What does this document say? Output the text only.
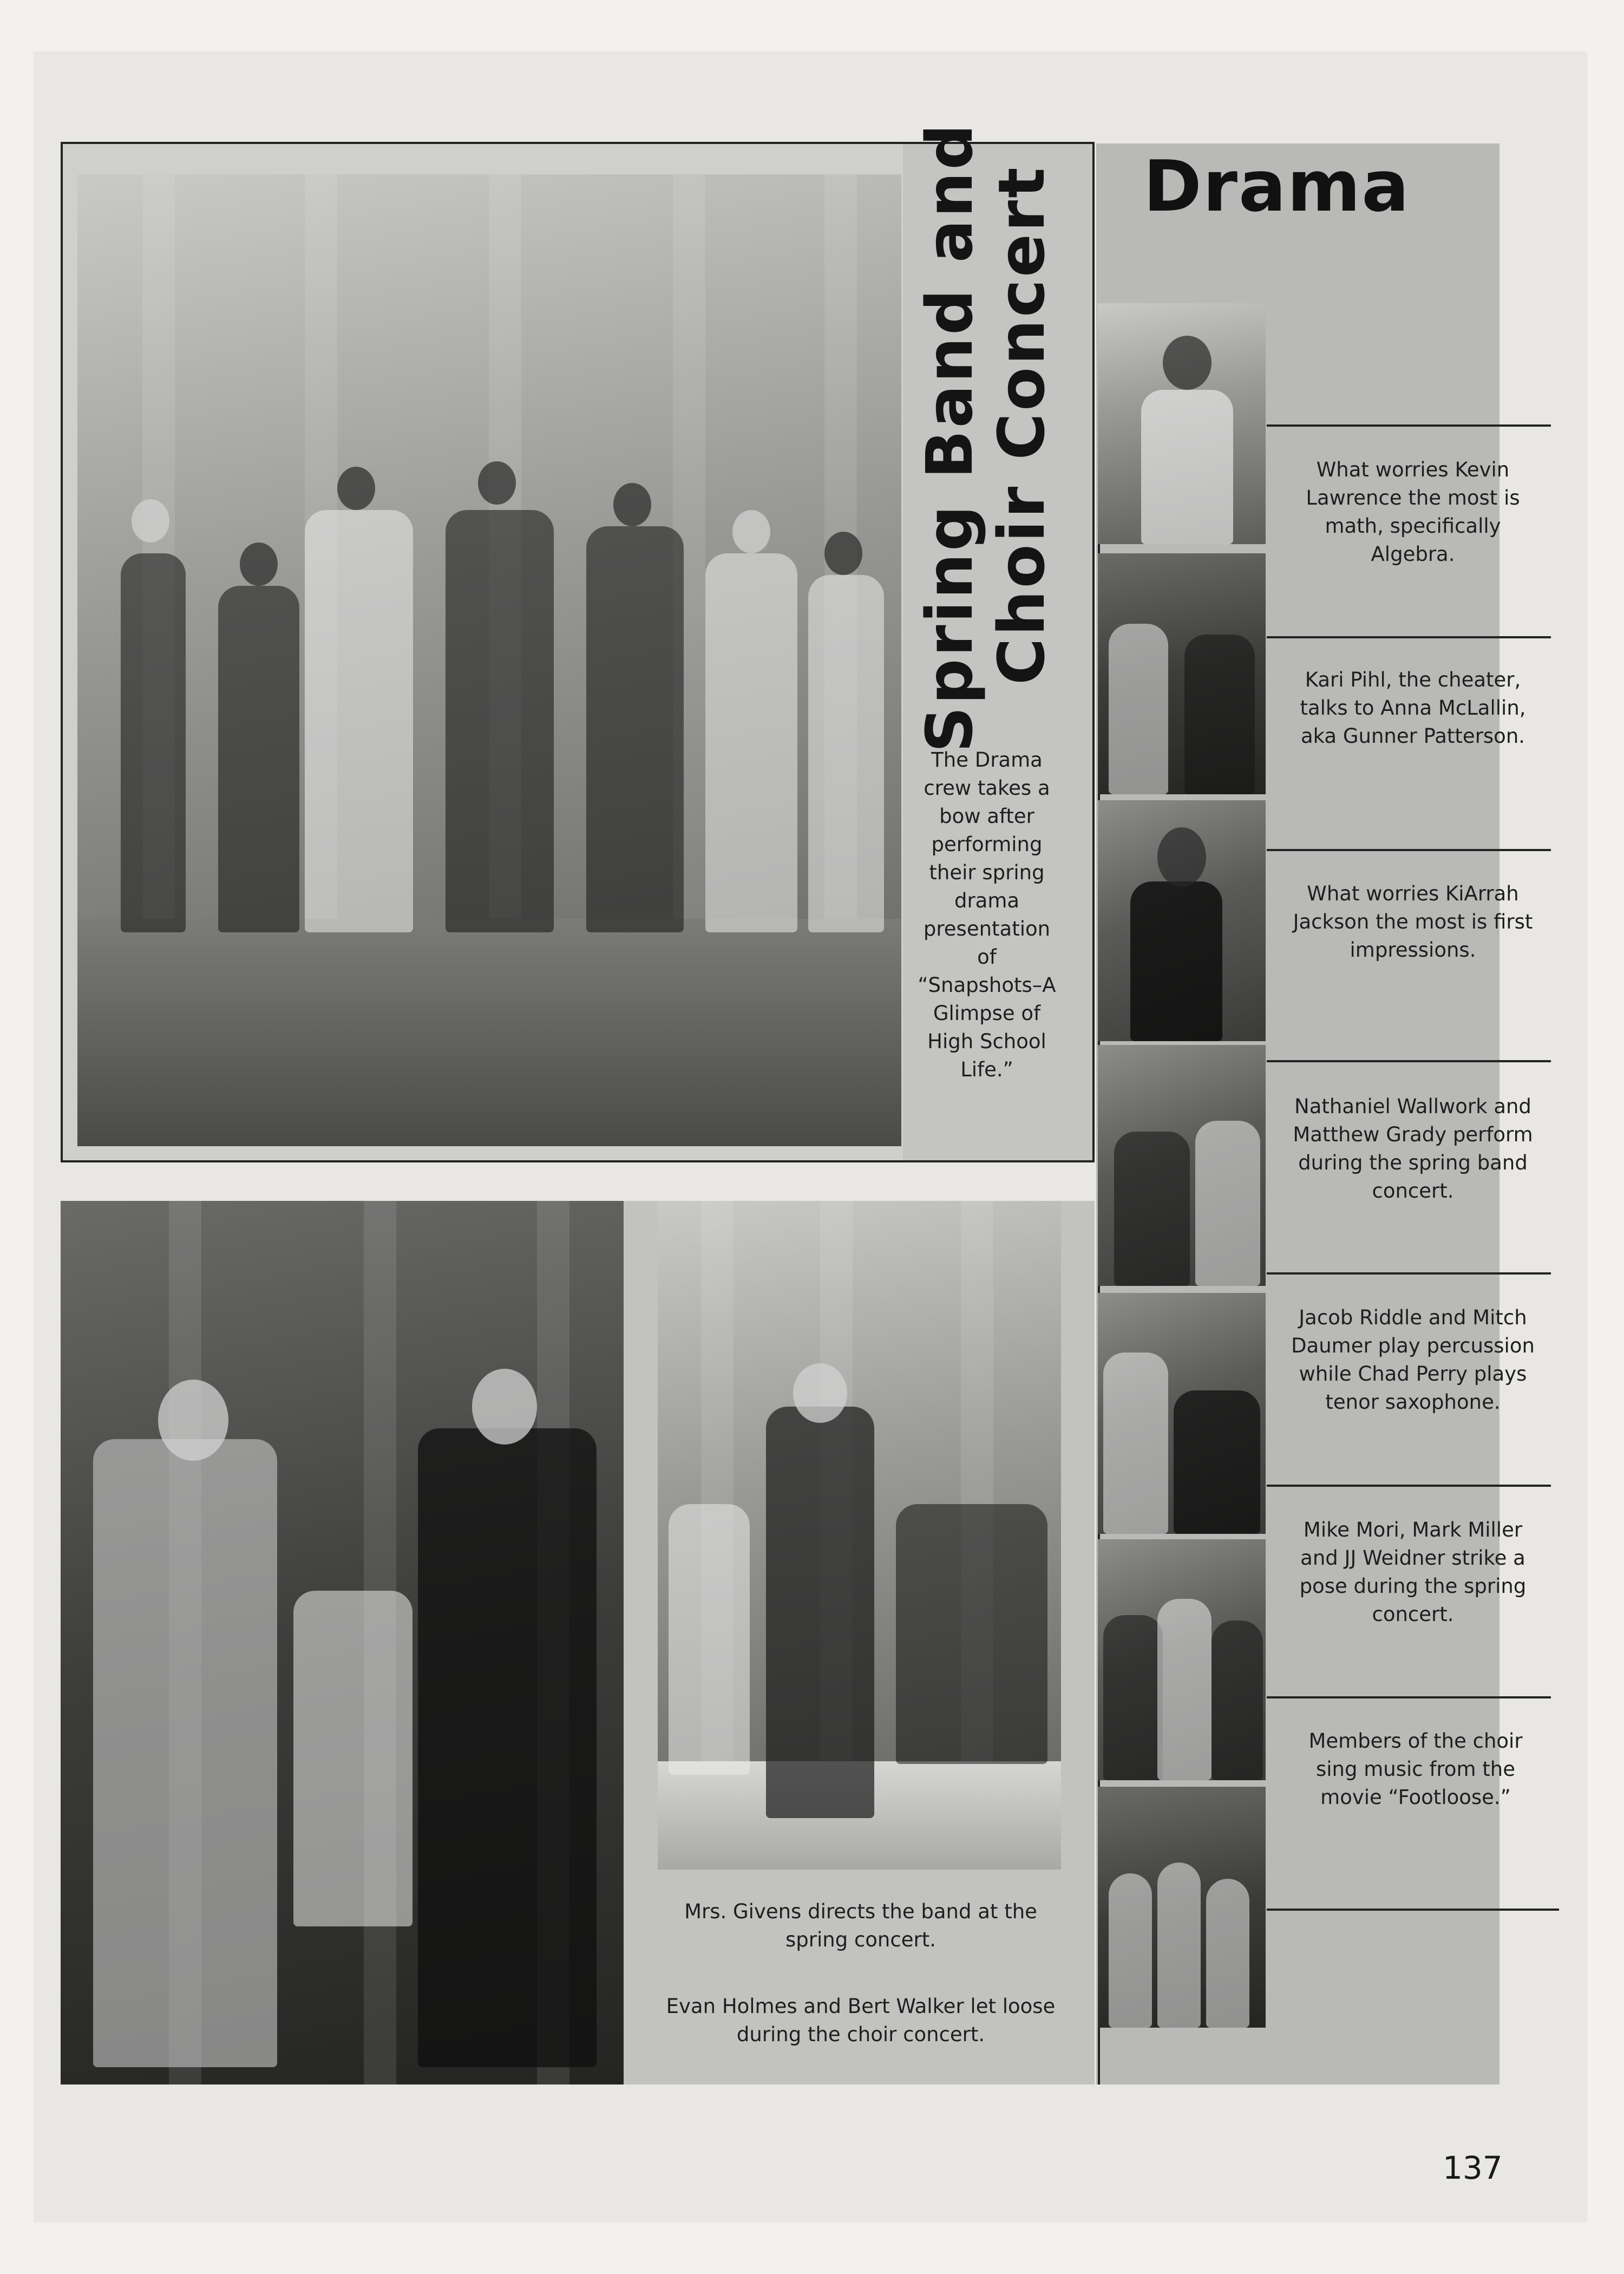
Spring Band and
Choir Concert
The Drama crew takes a bow after performing their spring drama presentation of “Snapshots–A Glimpse of High School Life.”
Mrs. Givens directs the band at the spring concert.
Evan Holmes and Bert Walker let loose during the choir concert.
Drama
What worries Kevin Lawrence the most is math, specifically Algebra.
Kari Pihl, the cheater, talks to Anna McLallin, aka Gunner Patterson.
What worries KiArrah Jackson the most is first impressions.
Nathaniel Wallwork and Matthew Grady perform during the spring band concert.
Jacob Riddle and Mitch Daumer play percussion while Chad Perry plays tenor saxophone.
Mike Mori, Mark Miller and JJ Weidner strike a pose during the spring concert.
Members of the choir sing music from the movie “Footloose.”
137
